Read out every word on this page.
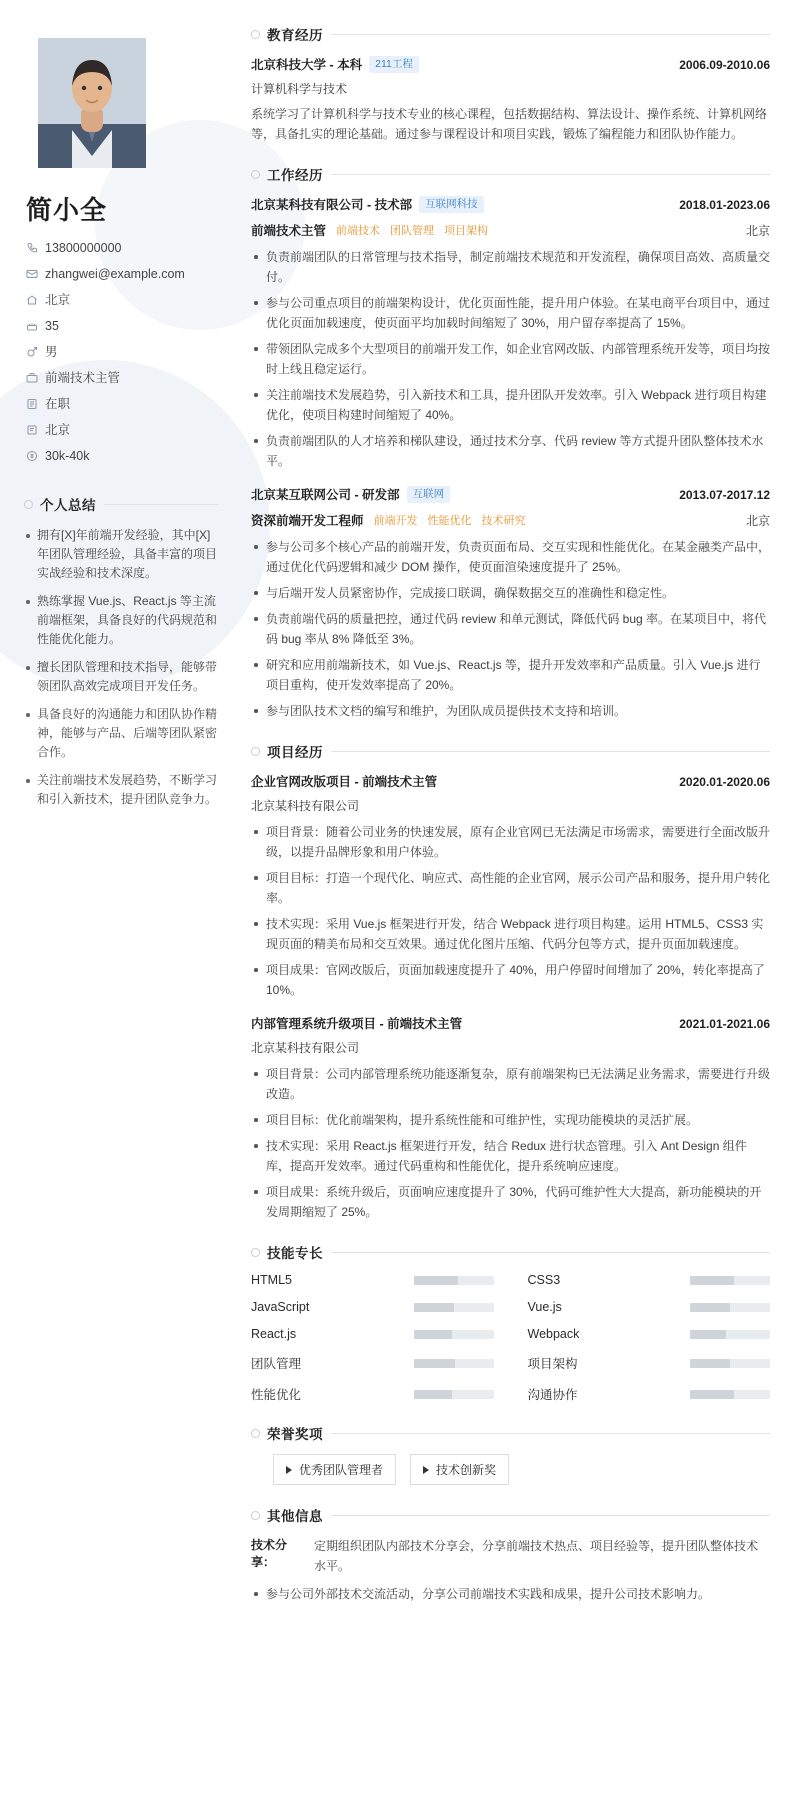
简小全
13800000000
zhangwei@example.com
北京
35
男
前端技术主管
在职
北京
30k-40k
个人总结
拥有[X]年前端开发经验，其中[X]年团队管理经验，具备丰富的项目实战经验和技术深度。
熟练掌握 Vue.js、React.js 等主流前端框架，具备良好的代码规范和性能优化能力。
擅长团队管理和技术指导，能够带领团队高效完成项目开发任务。
具备良好的沟通能力和团队协作精神，能够与产品、后端等团队紧密合作。
关注前端技术发展趋势，不断学习和引入新技术，提升团队竞争力。
教育经历
北京科技大学 - 本科	211工程	2006.09-2010.06
计算机科学与技术
系统学习了计算机科学与技术专业的核心课程，包括数据结构、算法设计、操作系统、计算机网络等，具备扎实的理论基础。通过参与课程设计和项目实践，锻炼了编程能力和团队协作能力。
工作经历
北京某科技有限公司 - 技术部	互联网科技	2018.01-2023.06
前端技术主管 前端技术 团队管理 项目架构	北京
负责前端团队的日常管理与技术指导，制定前端技术规范和开发流程，确保项目高效、高质量交付。
参与公司重点项目的前端架构设计，优化页面性能，提升用户体验。在某电商平台项目中，通过优化页面加载速度，使页面平均加载时间缩短了 30%，用户留存率提高了 15%。
带领团队完成多个大型项目的前端开发工作，如企业官网改版、内部管理系统开发等，项目均按时上线且稳定运行。
关注前端技术发展趋势，引入新技术和工具，提升团队开发效率。引入 Webpack 进行项目构建优化，使项目构建时间缩短了 40%。
负责前端团队的人才培养和梯队建设，通过技术分享、代码 review 等方式提升团队整体技术水平。
北京某互联网公司 - 研发部	互联网	2013.07-2017.12
资深前端开发工程师 前端开发 性能优化 技术研究	北京
参与公司多个核心产品的前端开发，负责页面布局、交互实现和性能优化。在某金融类产品中，通过优化代码逻辑和减少 DOM 操作，使页面渲染速度提升了 25%。
与后端开发人员紧密协作，完成接口联调，确保数据交互的准确性和稳定性。
负责前端代码的质量把控，通过代码 review 和单元测试，降低代码 bug 率。在某项目中，将代码 bug 率从 8% 降低至 3%。
研究和应用前端新技术，如 Vue.js、React.js 等，提升开发效率和产品质量。引入 Vue.js 进行项目重构，使开发效率提高了 20%。
参与团队技术文档的编写和维护，为团队成员提供技术支持和培训。
项目经历
企业官网改版项目 - 前端技术主管	2020.01-2020.06
北京某科技有限公司
项目背景：随着公司业务的快速发展，原有企业官网已无法满足市场需求，需要进行全面改版升级，以提升品牌形象和用户体验。
项目目标：打造一个现代化、响应式、高性能的企业官网，展示公司产品和服务，提升用户转化率。
技术实现：采用 Vue.js 框架进行开发，结合 Webpack 进行项目构建。运用 HTML5、CSS3 实现页面的精美布局和交互效果。通过优化图片压缩、代码分包等方式，提升页面加载速度。
项目成果：官网改版后，页面加载速度提升了 40%，用户停留时间增加了 20%，转化率提高了 10%。
内部管理系统升级项目 - 前端技术主管	2021.01-2021.06
北京某科技有限公司
项目背景：公司内部管理系统功能逐渐复杂，原有前端架构已无法满足业务需求，需要进行升级改造。
项目目标：优化前端架构，提升系统性能和可维护性，实现功能模块的灵活扩展。
技术实现：采用 React.js 框架进行开发，结合 Redux 进行状态管理。引入 Ant Design 组件库，提高开发效率。通过代码重构和性能优化，提升系统响应速度。
项目成果：系统升级后，页面响应速度提升了 30%，代码可维护性大大提高，新功能模块的开发周期缩短了 25%。
技能专长
HTML5	CSS3
JavaScript	Vue.js
React.js	Webpack
团队管理	项目架构
性能优化	沟通协作
荣誉奖项
优秀团队管理者	技术创新奖
其他信息
技术分享：
定期组织团队内部技术分享会，分享前端技术热点、项目经验等，提升团队整体技术水平。
参与公司外部技术交流活动，分享公司前端技术实践和成果，提升公司技术影响力。
